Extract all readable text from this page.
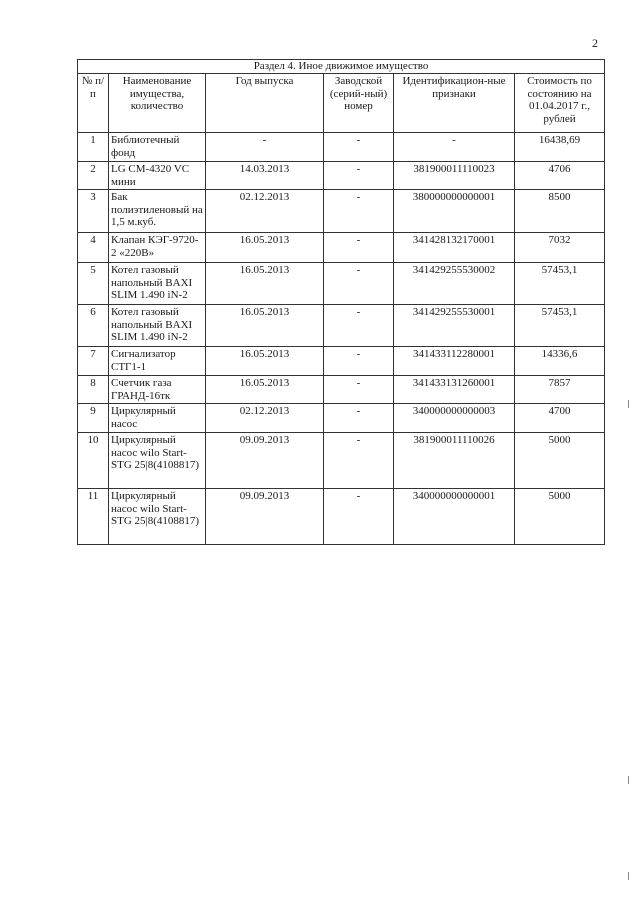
2
Раздел 4. Иное движимое имущество					
№ п/п	Наименование имущества, количество	Год выпуска	Заводской (серий-ный) номер	Идентификацион-ные признаки	Стоимость по состоянию на 01.04.2017 г., рублей
1	Библиотечный фонд	-	-	-	16438,69
2	LG CM-4320 VC мини	14.03.2013	-	381900011110023	4706
3	Бак полиэтиленовый на 1,5 м.куб.	02.12.2013	-	380000000000001	8500
4	Клапан КЭГ-9720-2 «220В»	16.05.2013	-	341428132170001	7032
5	Котел газовый напольный BAXI SLIM 1.490 iN-2	16.05.2013	-	341429255530002	57453,1
6	Котел газовый напольный BAXI SLIM 1.490 iN-2	16.05.2013	-	341429255530001	57453,1
7	Сигнализатор СТГ1-1	16.05.2013	-	341433112280001	14336,6
8	Счетчик газа ГРАНД-16тк	16.05.2013	-	341433131260001	7857
9	Циркулярный насос	02.12.2013	-	340000000000003	4700
10	Циркулярный насос wilo Start-STG 25|8(4108817)	09.09.2013	-	381900011110026	5000
11	Циркулярный насос wilo Start-STG 25|8(4108817)	09.09.2013	-	340000000000001	5000
